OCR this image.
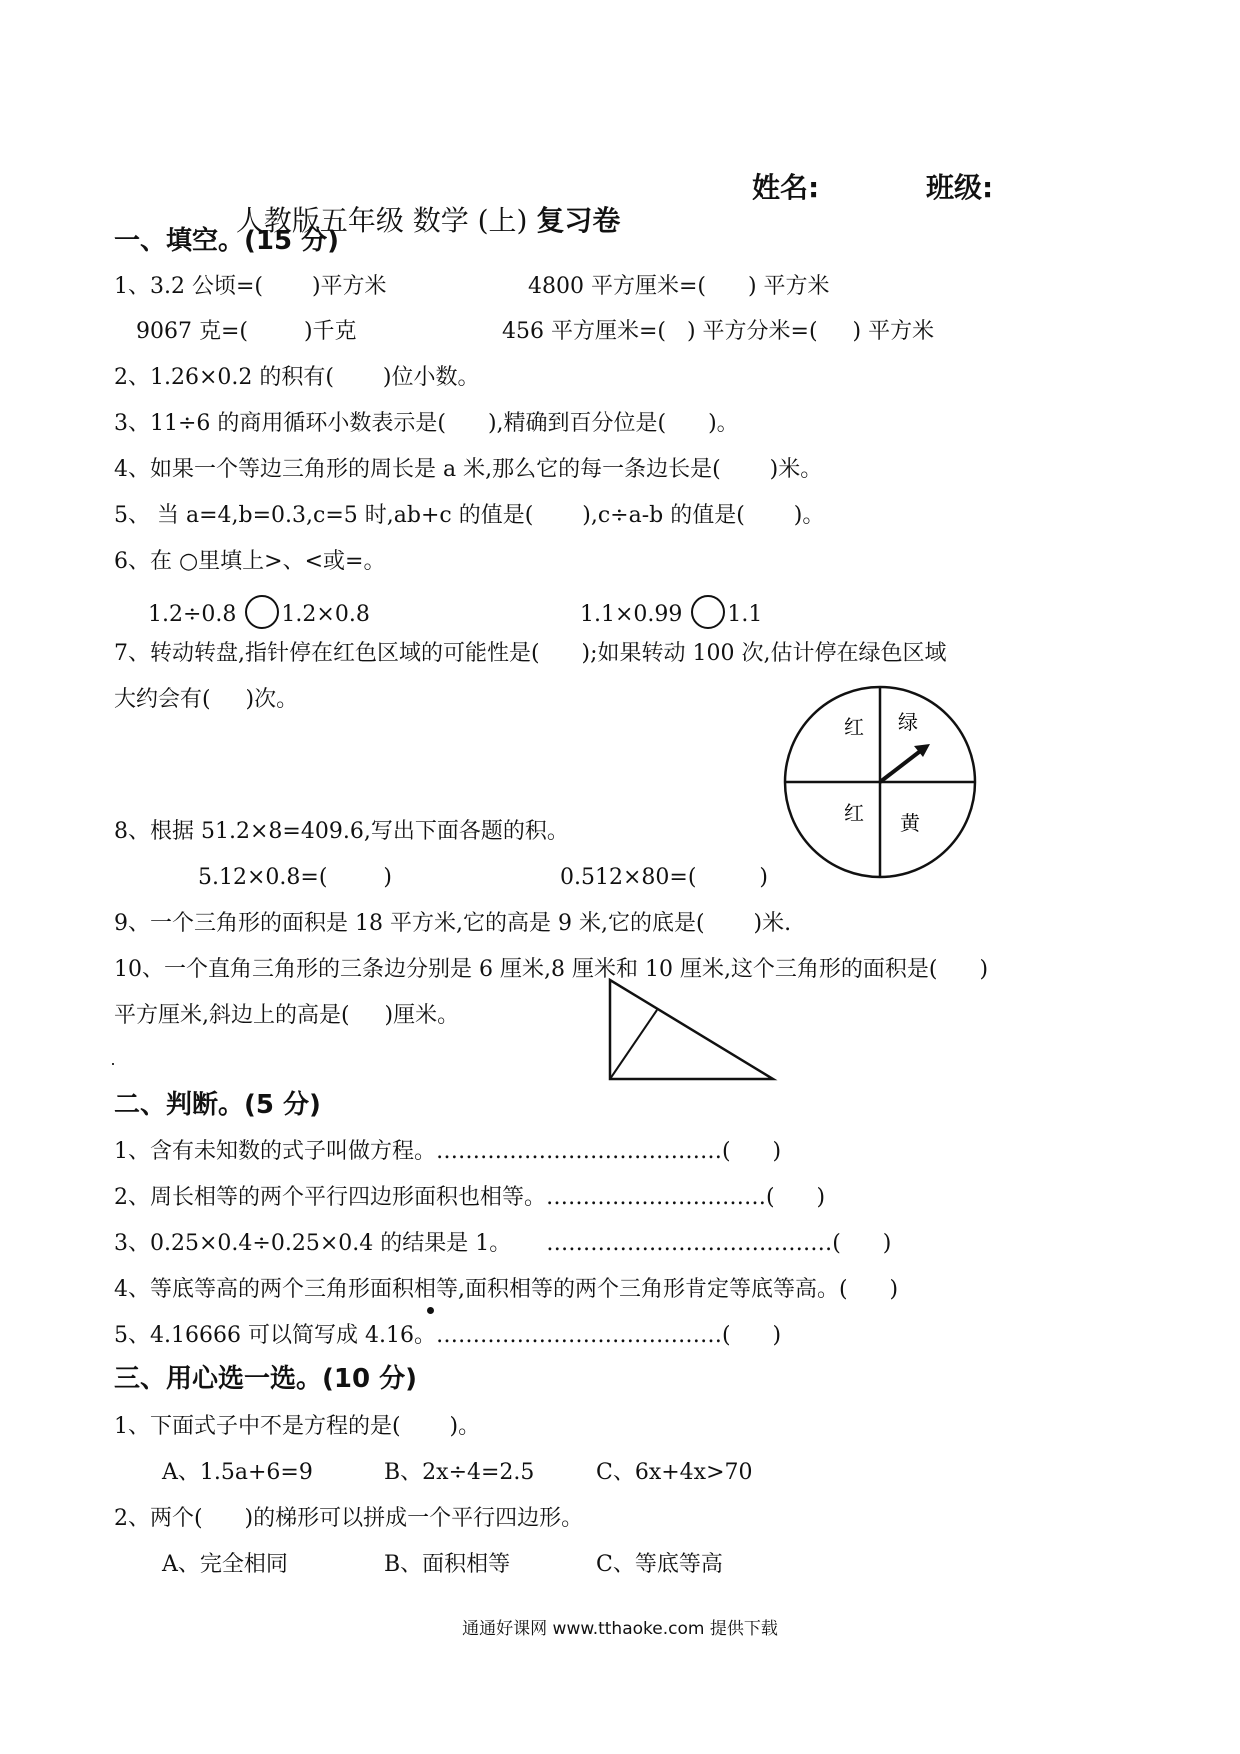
人教版五年级 数学 (上) 复习卷

姓名:	班级:
一、填空。(15 分)
1、3.2 公顷=(       )平方米	4800 平方厘米=(      ) 平方米
9067 克=(        )千克	456 平方厘米=(   ) 平方分米=(     ) 平方米
2、1.26×0.2 的积有(       )位小数。
3、11÷6 的商用循环小数表示是(      ),精确到百分位是(      )。
4、如果一个等边三角形的周长是 a 米,那么它的每一条边长是(       )米。
5、 当 a=4,b=0.3,c=5 时,ab+c 的值是(       ),c÷a-b 的值是(       )。
6、在 ○里填上>、<或=。
1.2÷0.8 1.2×0.8	1.1×0.99 1.1
7、转动转盘,指针停在红色区域的可能性是(      );如果转动 100 次,估计停在绿色区域
大约会有(     )次。
红 绿
红 黄
8、根据 51.2×8=409.6,写出下面各题的积。
5.12×0.8=(        )	0.512×80=(         )
9、一个三角形的面积是 18 平方米,它的高是 9 米,它的底是(       )米.
10、一个直角三角形的三条边分别是 6 厘米,8 厘米和 10 厘米,这个三角形的面积是(      )
平方厘米,斜边上的高是(     )厘米。
二、判断。(5 分)
1、含有未知数的式子叫做方程。…………………………………(      )
2、周长相等的两个平行四边形面积也相等。…………………………(      )
3、0.25×0.4÷0.25×0.4 的结果是 1。     …………………………………(      )
4、等底等高的两个三角形面积相等,面积相等的两个三角形肯定等底等高。(      )
5、4.16666 可以简写成 4.16。…………………………………(      )
三、用心选一选。(10 分)
1、下面式子中不是方程的是(       )。
A、1.5a+6=9	B、2x÷4=2.5	C、6x+4x>70
2、两个(      )的梯形可以拼成一个平行四边形。
A、完全相同	B、面积相等	C、等底等高
通通好课网 www.tthaoke.com 提供下载
